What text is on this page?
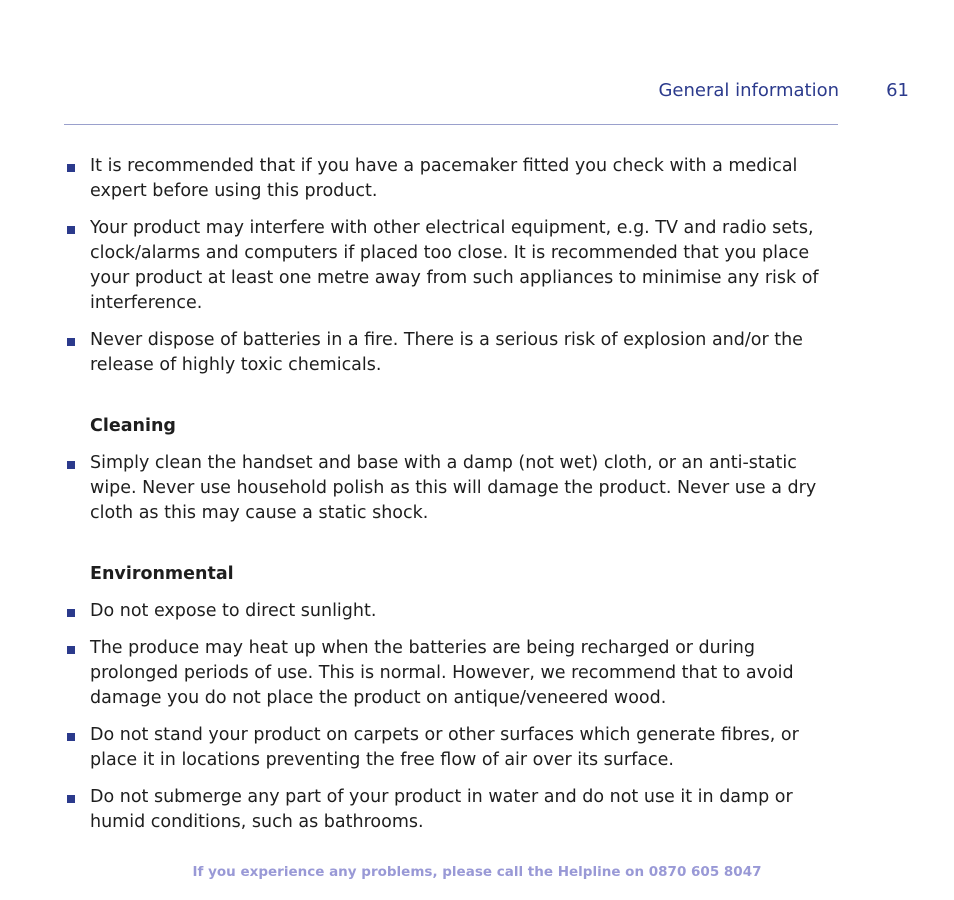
General information	61
It is recommended that if you have a pacemaker fitted you check with a medical expert before using this product.
Your product may interfere with other electrical equipment, e.g. TV and radio sets, clock/alarms and computers if placed too close. It is recommended that you place your product at least one metre away from such appliances to minimise any risk of interference.
Never dispose of batteries in a fire. There is a serious risk of explosion and/or the release of highly toxic chemicals.
Cleaning
Simply clean the handset and base with a damp (not wet) cloth, or an anti-static wipe. Never use household polish as this will damage the product. Never use a dry cloth as this may cause a static shock.
Environmental
Do not expose to direct sunlight.
The produce may heat up when the batteries are being recharged or during prolonged periods of use. This is normal. However, we recommend that to avoid damage you do not place the product on antique/veneered wood.
Do not stand your product on carpets or other surfaces which generate fibres, or place it in locations preventing the free flow of air over its surface.
Do not submerge any part of your product in water and do not use it in damp or humid conditions, such as bathrooms.
If you experience any problems, please call the Helpline on 0870 605 8047
